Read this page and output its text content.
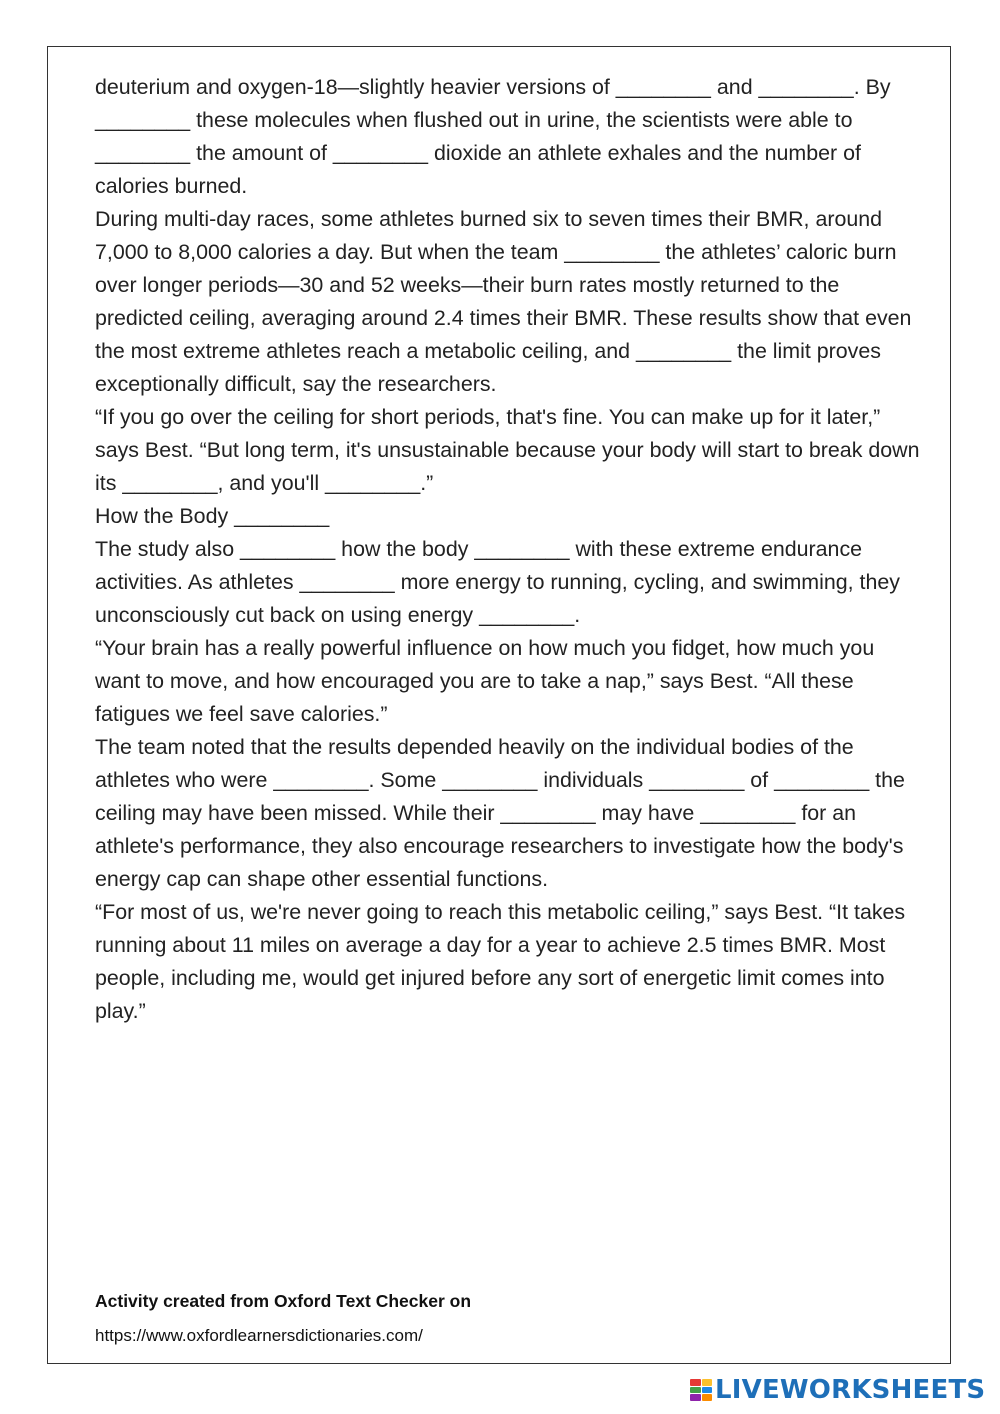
deuterium and oxygen-18—slightly heavier versions of ________ and ________. By ________ these molecules when flushed out in urine, the scientists were able to ________ the amount of ________ dioxide an athlete exhales and the number of calories burned.

During multi-day races, some athletes burned six to seven times their BMR, around 7,000 to 8,000 calories a day. But when the team ________ the athletes’ caloric burn over longer periods—30 and 52 weeks—their burn rates mostly returned to the predicted ceiling, averaging around 2.4 times their BMR. These results show that even the most extreme athletes reach a metabolic ceiling, and ________ the limit proves exceptionally difficult, say the researchers.

“If you go over the ceiling for short periods, that's fine. You can make up for it later,” says Best. “But long term, it's unsustainable because your body will start to break down its ________, and you'll ________.”

How the Body ________

The study also ________ how the body ________ with these extreme endurance activities. As athletes ________ more energy to running, cycling, and swimming, they unconsciously cut back on using energy ________.

“Your brain has a really powerful influence on how much you fidget, how much you want to move, and how encouraged you are to take a nap,” says Best. “All these fatigues we feel save calories.”

The team noted that the results depended heavily on the individual bodies of the athletes who were ________. Some ________ individuals ________ of ________ the ceiling may have been missed. While their ________ may have ________ for an athlete's performance, they also encourage researchers to investigate how the body's energy cap can shape other essential functions.

“For most of us, we're never going to reach this metabolic ceiling,” says Best. “It takes running about 11 miles on average a day for a year to achieve 2.5 times BMR. Most people, including me, would get injured before any sort of energetic limit comes into play.”

Activity created from Oxford Text Checker on
https://www.oxfordlearnersdictionaries.com/
LIVEWORKSHEETS
